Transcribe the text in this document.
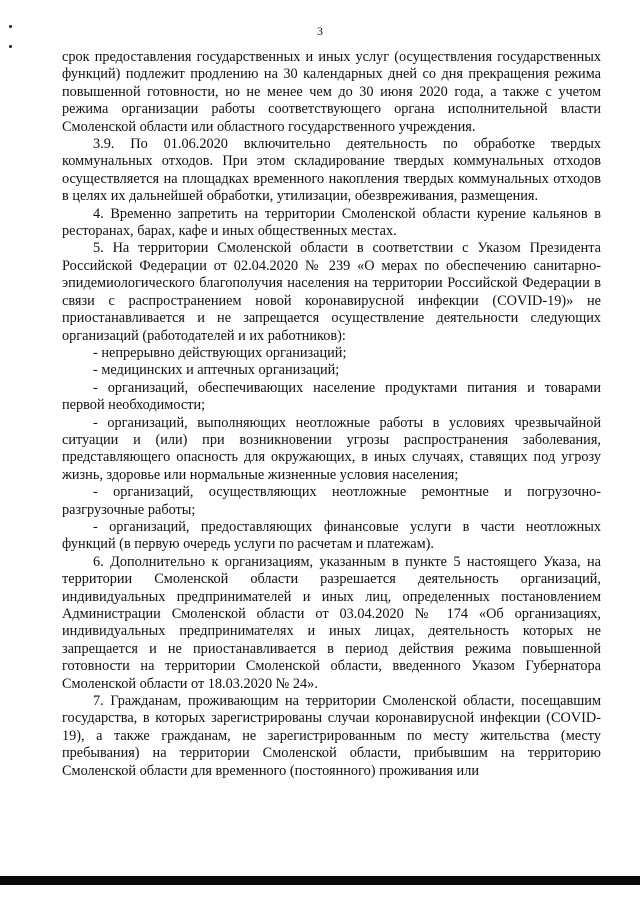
3

срок предоставления государственных и иных услуг (осуществления государственных функций) подлежит продлению на 30 календарных дней со дня прекращения режима повышенной готовности, но не менее чем до 30 июня 2020 года, а также с учетом режима организации работы соответствующего органа исполнительной власти Смоленской области или областного государственного учреждения.

3.9. По 01.06.2020 включительно деятельность по обработке твердых коммунальных отходов. При этом складирование твердых коммунальных отходов осуществляется на площадках временного накопления твердых коммунальных отходов в целях их дальнейшей обработки, утилизации, обезвреживания, размещения.

4. Временно запретить на территории Смоленской области курение кальянов в ресторанах, барах, кафе и иных общественных местах.

5. На территории Смоленской области в соответствии с Указом Президента Российской Федерации от 02.04.2020 № 239 «О мерах по обеспечению санитарно-эпидемиологического благополучия населения на территории Российской Федерации в связи с распространением новой коронавирусной инфекции (COVID-19)» не приостанавливается и не запрещается осуществление деятельности следующих организаций (работодателей и их работников):

- непрерывно действующих организаций;

- медицинских и аптечных организаций;

- организаций, обеспечивающих население продуктами питания и товарами первой необходимости;

- организаций, выполняющих неотложные работы в условиях чрезвычайной ситуации и (или) при возникновении угрозы распространения заболевания, представляющего опасность для окружающих, в иных случаях, ставящих под угрозу жизнь, здоровье или нормальные жизненные условия населения;

- организаций, осуществляющих неотложные ремонтные и погрузочно-разгрузочные работы;

- организаций, предоставляющих финансовые услуги в части неотложных функций (в первую очередь услуги по расчетам и платежам).

6. Дополнительно к организациям, указанным в пункте 5 настоящего Указа, на территории Смоленской области разрешается деятельность организаций, индивидуальных предпринимателей и иных лиц, определенных постановлением Администрации Смоленской области от 03.04.2020 № 174 «Об организациях, индивидуальных предпринимателях и иных лицах, деятельность которых не запрещается и не приостанавливается в период действия режима повышенной готовности на территории Смоленской области, введенного Указом Губернатора Смоленской области от 18.03.2020 № 24».

7. Гражданам, проживающим на территории Смоленской области, посещавшим государства, в которых зарегистрированы случаи коронавирусной инфекции (COVID-19), а также гражданам, не зарегистрированным по месту жительства (месту пребывания) на территории Смоленской области, прибывшим на территорию Смоленской области для временного (постоянного) проживания или
